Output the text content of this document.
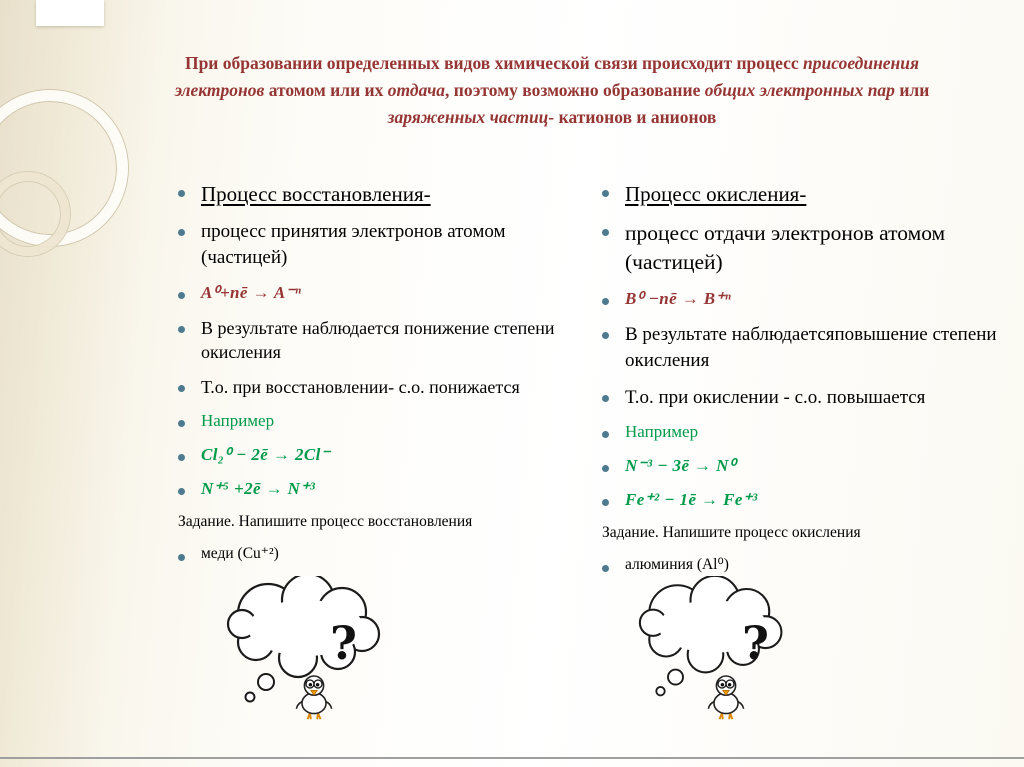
При образовании определенных видов химической связи происходит процесс присоединения электронов атомом или их отдача, поэтому возможно образование общих электронных пар или заряженных частиц- катионов и анионов
Процесс восстановления-
процесс принятия электронов атомом (частицей)
A⁰+nē → A⁻ⁿ
В результате наблюдается понижение степени окисления
Т.о. при восстановлении- с.о. понижается
Например
Cl₂⁰ − 2ē → 2Cl⁻
N⁺⁵ +2ē → N⁺³
Задание. Напишите процесс восстановления
меди (Cu⁺²)
Процесс окисления-
процесс отдачи электронов атомом (частицей)
B⁰ −nē → B⁺ⁿ
В результате наблюдаетсяповышение степени окисления
Т.о. при окислении - с.о. повышается
Например
N⁻³ − 3ē → N⁰
Fe⁺² − 1ē → Fe⁺³
Задание. Напишите процесс окисления
алюминия (Al⁰)
?	?
